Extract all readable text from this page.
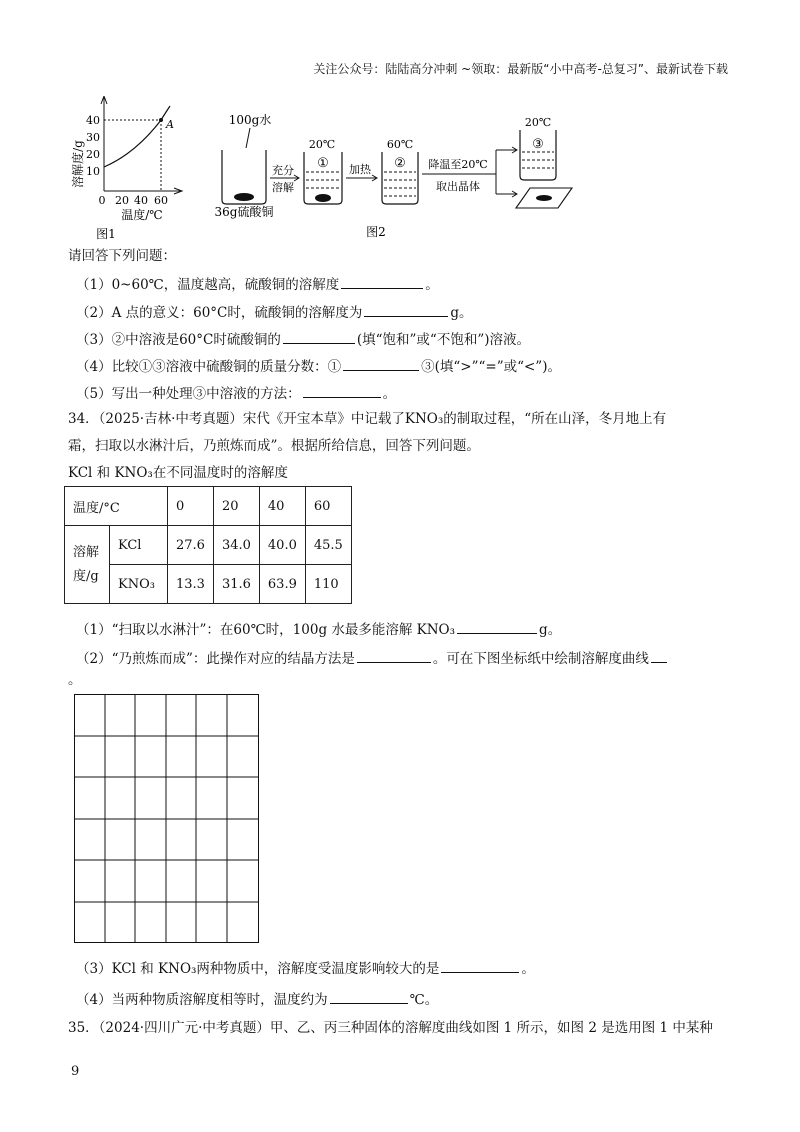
关注公众号：陆陆高分冲刺 ~领取：最新版“小中高考-总复习”、最新试卷下载
溶解度/g
A
40
30
20
10
0 20 40 60
温度/℃
图1
100g水
36g硫酸铜
充分
溶解
20℃
① 加热
60℃
② 降温至20℃
取出晶体
20℃
③
图2
请回答下列问题：
（1）0~60℃，温度越高，硫酸铜的溶解度	。
（2）A 点的意义：60°C时，硫酸铜的溶解度为	g。
（3）②中溶液是60°C时硫酸铜的	(填“饱和”或“不饱和”)溶液。
（4）比较①③溶液中硫酸铜的质量分数：①	③(填“>”“=”或“<”)。
（5）写出一种处理③中溶液的方法：	。
34．（2025·吉林·中考真题）宋代《开宝本草》中记载了KNO₃的制取过程，“所在山泽，冬月地上有
霜，扫取以水淋汁后，乃煎炼而成”。根据所给信息，回答下列问题。
KCl 和 KNO₃在不同温度时的溶解度
温度/°C		0	20	40	60
溶解度/g	KCl	27.6	34.0	40.0	45.5
	KNO₃	13.3	31.6	63.9	110
（1）“扫取以水淋汁”：在60℃时，100g 水最多能溶解 KNO₃	g。
（2）“乃煎炼而成”：此操作对应的结晶方法是	。可在下图坐标纸中绘制溶解度曲线
。
（3）KCl 和 KNO₃两种物质中，溶解度受温度影响较大的是	。
（4）当两种物质溶解度相等时，温度约为	℃。
35．（2024·四川广元·中考真题）甲、乙、丙三种固体的溶解度曲线如图 1 所示，如图 2 是选用图 1 中某种
9
